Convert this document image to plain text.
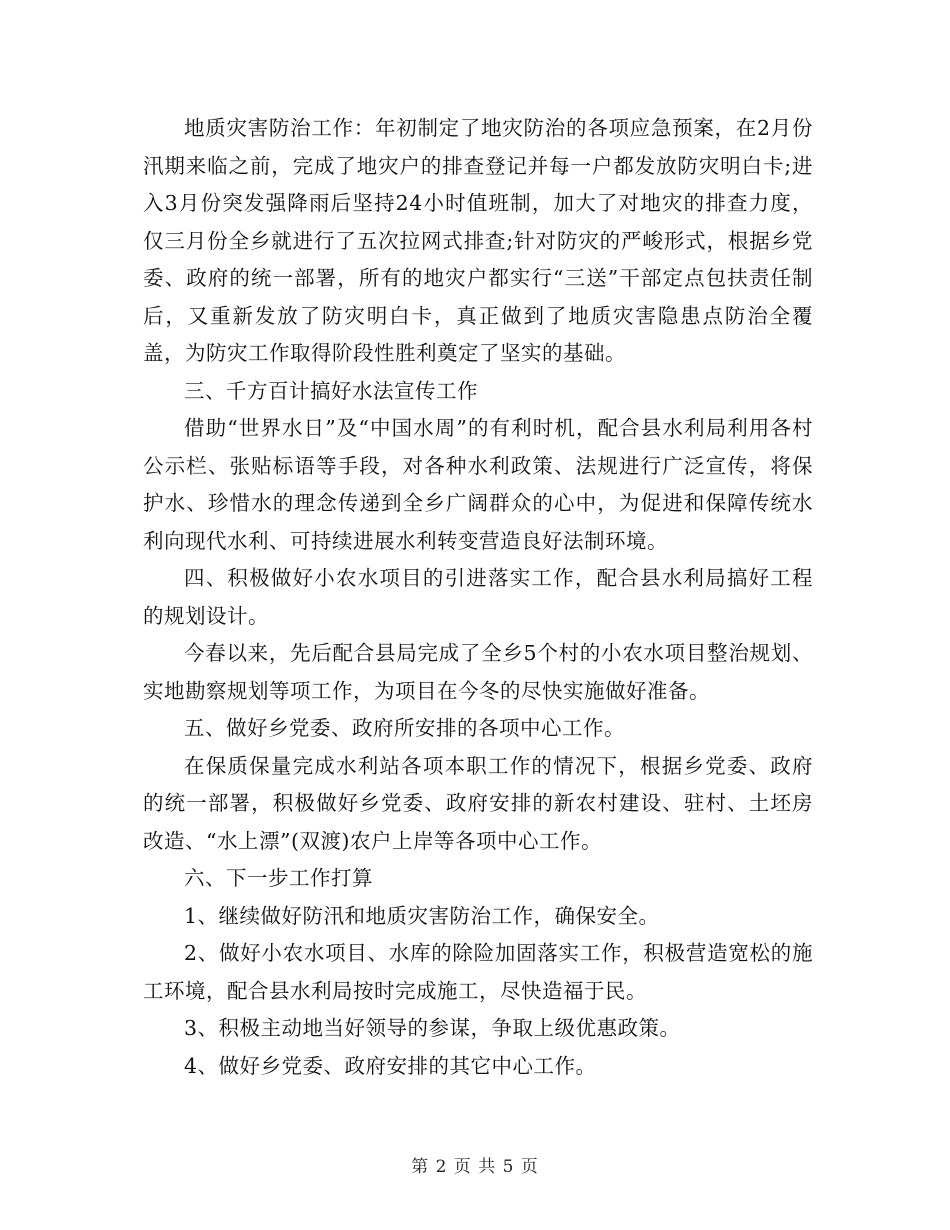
地质灾害防治工作：年初制定了地灾防治的各项应急预案，在2月份汛期来临之前，完成了地灾户的排查登记并每一户都发放防灾明白卡;进入3月份突发强降雨后坚持24小时值班制，加大了对地灾的排查力度，仅三月份全乡就进行了五次拉网式排查;针对防灾的严峻形式，根据乡党委、政府的统一部署，所有的地灾户都实行“三送”干部定点包扶责任制后，又重新发放了防灾明白卡，真正做到了地质灾害隐患点防治全覆盖，为防灾工作取得阶段性胜利奠定了坚实的基础。

三、千方百计搞好水法宣传工作

借助“世界水日”及“中国水周”的有利时机，配合县水利局利用各村公示栏、张贴标语等手段，对各种水利政策、法规进行广泛宣传，将保护水、珍惜水的理念传递到全乡广阔群众的心中，为促进和保障传统水利向现代水利、可持续进展水利转变营造良好法制环境。

四、积极做好小农水项目的引进落实工作，配合县水利局搞好工程的规划设计。

今春以来，先后配合县局完成了全乡5个村的小农水项目整治规划、实地勘察规划等项工作，为项目在今冬的尽快实施做好准备。

五、做好乡党委、政府所安排的各项中心工作。

在保质保量完成水利站各项本职工作的情况下，根据乡党委、政府的统一部署，积极做好乡党委、政府安排的新农村建设、驻村、土坯房改造、“水上漂”(双渡)农户上岸等各项中心工作。

六、下一步工作打算

1、继续做好防汛和地质灾害防治工作，确保安全。

2、做好小农水项目、水库的除险加固落实工作，积极营造宽松的施工环境，配合县水利局按时完成施工，尽快造福于民。

3、积极主动地当好领导的参谋，争取上级优惠政策。

4、做好乡党委、政府安排的其它中心工作。

第 2 页 共 5 页
